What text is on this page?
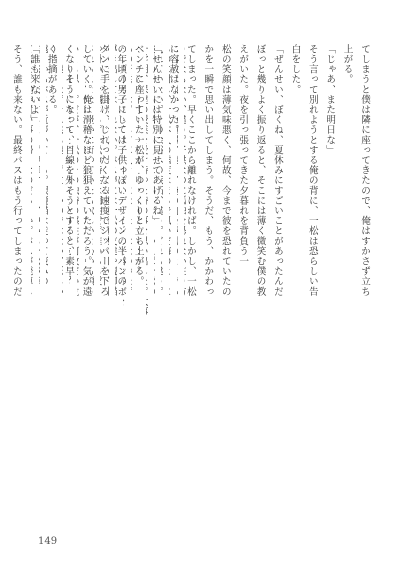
てしまうと僕は隣に座ってきたので、俺はすかさず立ち
上がる。
「じゃあ、また明日な」
そう言って別れようとする俺の背に、一松は恐らしい告
白をした。
「ぜんせい、ぼくね、夏休みにすごいことがあったんだ
ぼっと幾りよく振り返ると、そこには薄く微笑む僕の教
えがいた。夜を引っ張ってきた夕暮れを背負う一
松の笑顔は薄気味悪く、何故、今まで彼を恐れていたの
かを一瞬で思い出してしまう。そうだ、もう、かかわっ
てしまった。早くここから離れなければ。しかし、一松
に容赦はなかった。
「せんせいには特別に見せてあげるね」
ベンチに座っていた一松が、ゆっくりと立ち上がる。
の年頃の男子にしては子供っぽいデザインの半パンのボ
タンに手を掛け、じれったくなる速度でジッパーを下ろ
していく。俺は滑稽なほど狼狽えていただろう。気が遠
くなりそうになって、目線を外そうとすると、素早
く指摘がある。
「誰も来ないよ」
そう、誰も来ない。最終バスはもう行ってしまったのだ
149
